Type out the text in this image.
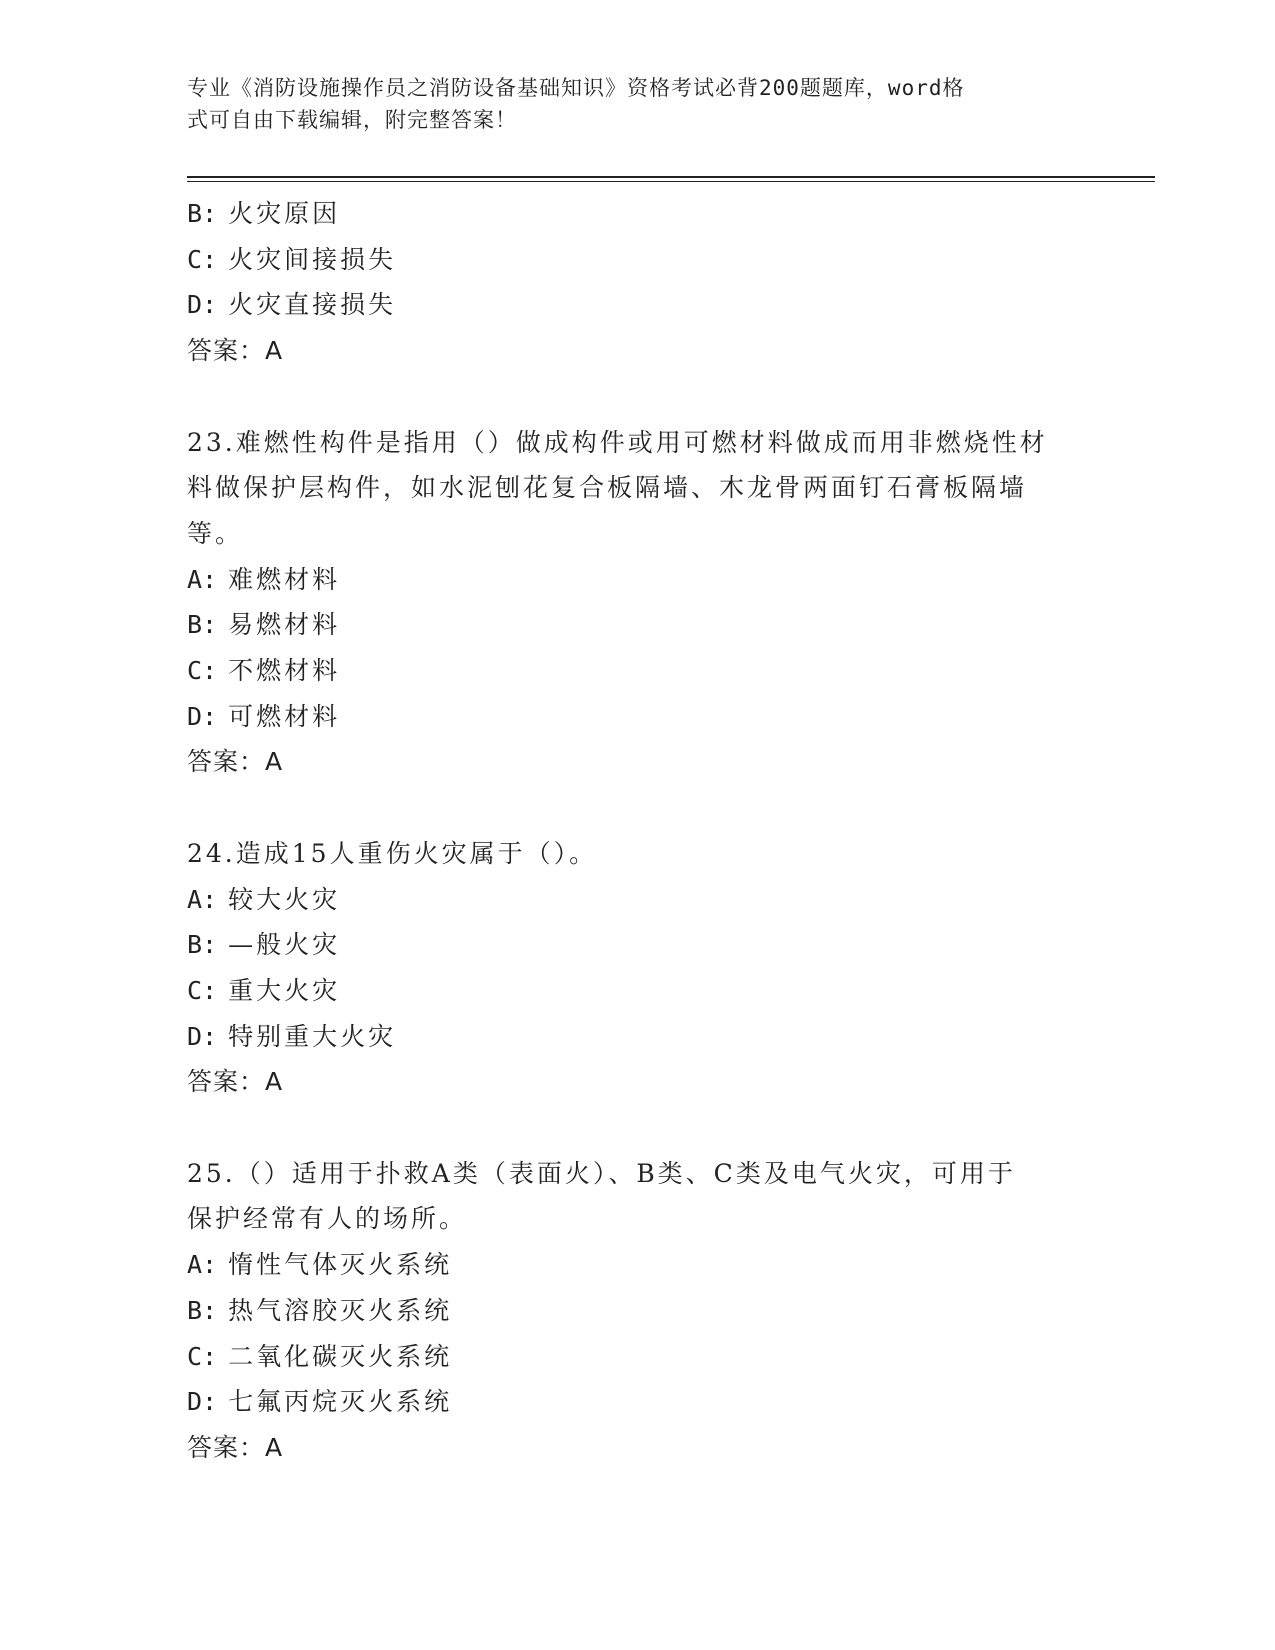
专业《消防设施操作员之消防设备基础知识》资格考试必背200题题库，word格
式可自由下载编辑，附完整答案！
B: 火灾原因
C: 火灾间接损失
D: 火灾直接损失
答案：A
23.难燃性构件是指用（）做成构件或用可燃材料做成而用非燃烧性材
料做保护层构件，如水泥刨花复合板隔墙、木龙骨两面钉石膏板隔墙
等。
A: 难燃材料
B: 易燃材料
C: 不燃材料
D: 可燃材料
答案：A
24.造成15人重伤火灾属于（）。
A: 较大火灾
B: —般火灾
C: 重大火灾
D: 特别重大火灾
答案：A
25.（）适用于扑救A类（表面火）、B类、C类及电气火灾，可用于
保护经常有人的场所。
A: 惰性气体灭火系统
B: 热气溶胶灭火系统
C: 二氧化碳灭火系统
D: 七氟丙烷灭火系统
答案：A
